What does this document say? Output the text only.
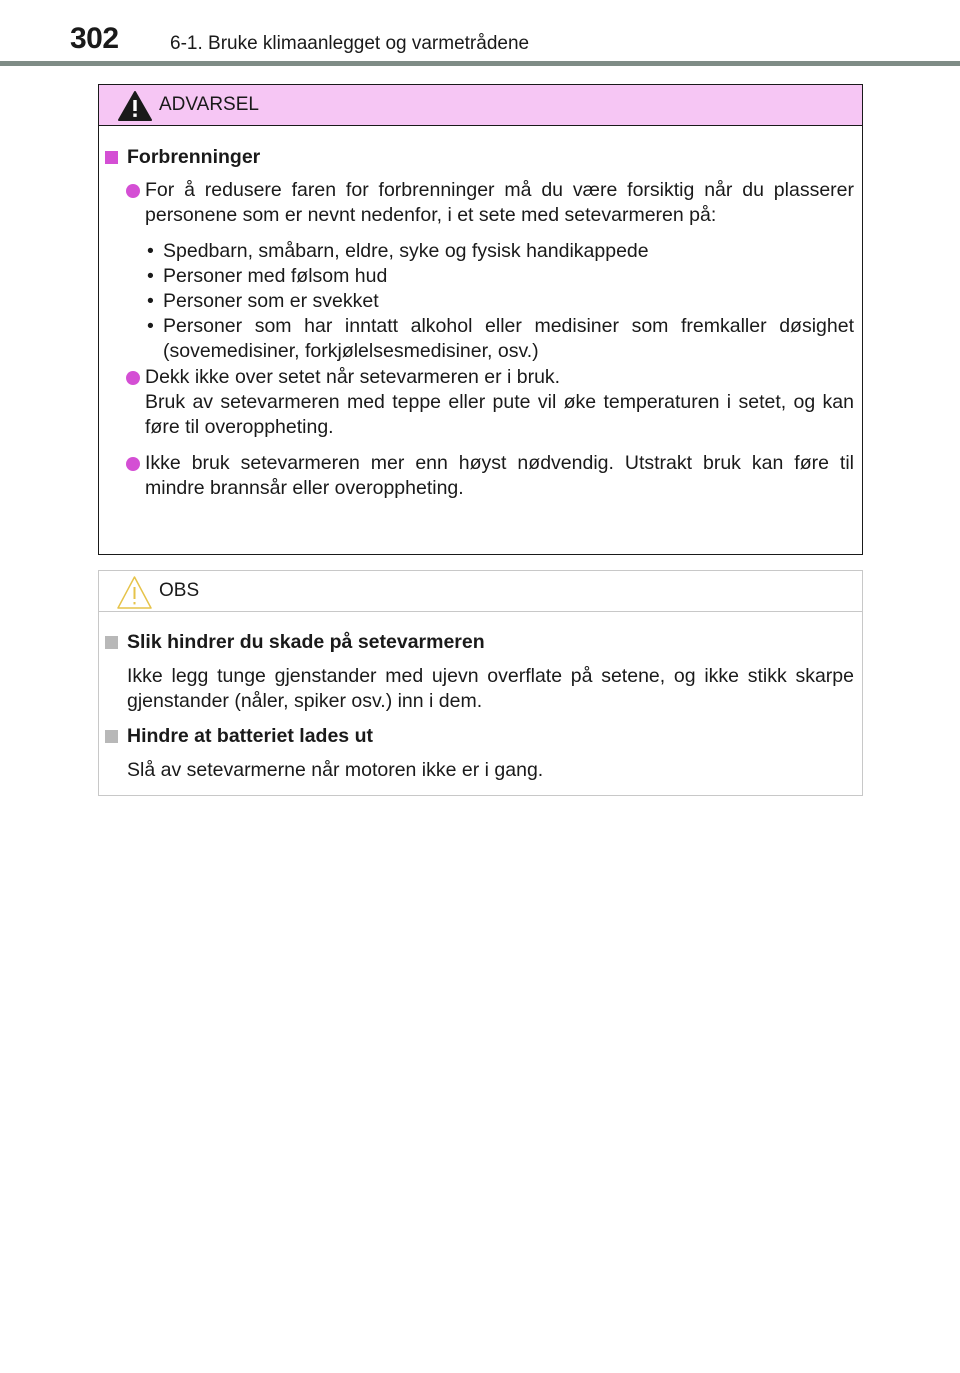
302	6-1. Bruke klimaanlegget og varmetrådene
ADVARSEL
Forbrenninger
For å redusere faren for forbrenninger må du være forsiktig når du plasserer personene som er nevnt nedenfor, i et sete med setevarmeren på:
• Spedbarn, småbarn, eldre, syke og fysisk handikappede
• Personer med følsom hud
• Personer som er svekket
• Personer som har inntatt alkohol eller medisiner som fremkaller døsighet (sovemedisiner, forkjølelsesmedisiner, osv.)
Dekk ikke over setet når setevarmeren er i bruk.
Bruk av setevarmeren med teppe eller pute vil øke temperaturen i setet, og kan føre til overoppheting.
Ikke bruk setevarmeren mer enn høyst nødvendig. Utstrakt bruk kan føre til mindre brannsår eller overoppheting.
OBS
Slik hindrer du skade på setevarmeren
Ikke legg tunge gjenstander med ujevn overflate på setene, og ikke stikk skarpe gjenstander (nåler, spiker osv.) inn i dem.
Hindre at batteriet lades ut
Slå av setevarmerne når motoren ikke er i gang.
